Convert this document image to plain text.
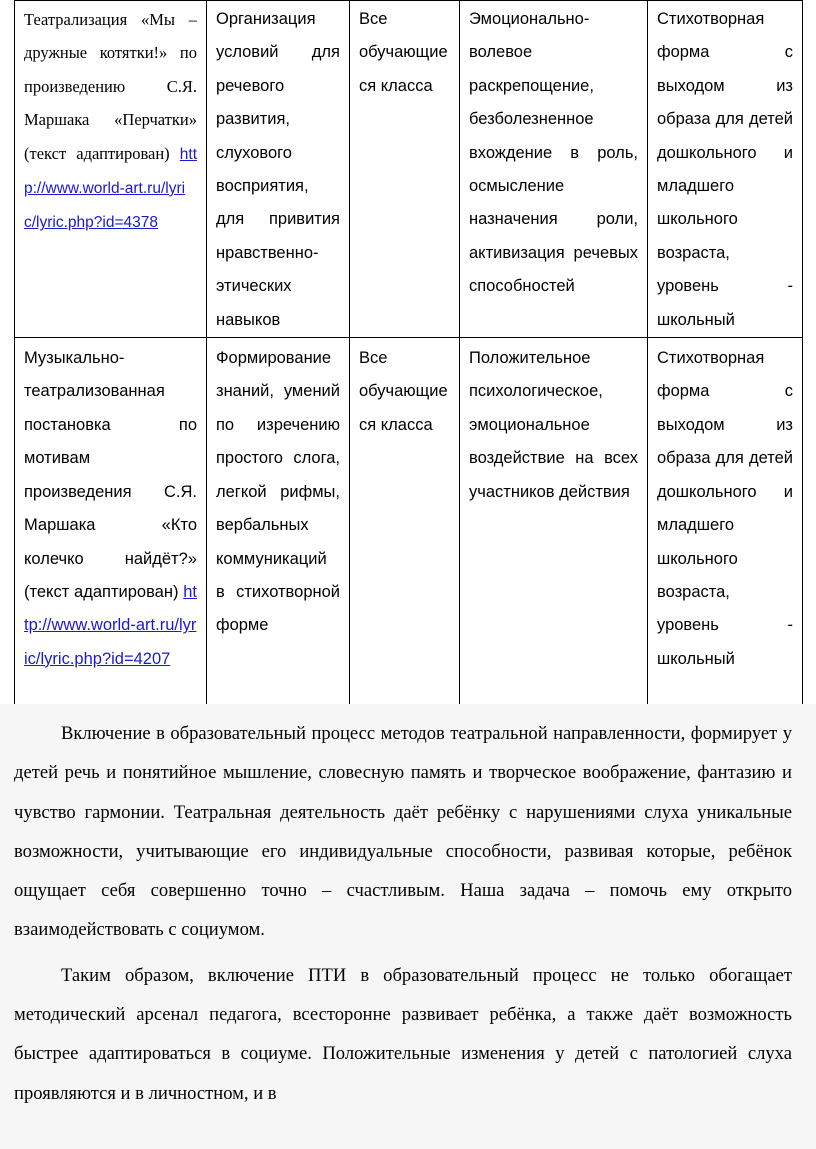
Театрализация «Мы – дружные котятки!» по произведению С.Я. Маршака «Перчатки» (текст адаптирован) http://www.world-art.ru/lyric/lyric.php?id=4378	Организация условий для речевого развития, слухового восприятия, для привития нравственно-этических навыков	Все обучающиеся класса	Эмоционально-волевое раскрепощение, безболезненное вхождение в роль, осмысление назначения роли, активизация речевых способностей	Стихотворная форма с выходом из образа для детей дошкольного и младшего школьного возраста, уровень - школьный
Музыкально-театрализованная постановка по мотивам произведения С.Я. Маршака «Кто колечко найдёт?» (текст адаптирован) http://www.world-art.ru/lyric/lyric.php?id=4207	Формирование знаний, умений по изречению простого слога, легкой рифмы, вербальных коммуникаций в стихотворной форме	Все обучающиеся класса	Положительное психологическое, эмоциональное воздействие на всех участников действия	Стихотворная форма с выходом из образа для детей дошкольного и младшего школьного возраста, уровень - школьный

Включение в образовательный процесс методов театральной направленности, формирует у детей речь и понятийное мышление, словесную память и творческое воображение, фантазию и чувство гармонии. Театральная деятельность даёт ребёнку с нарушениями слуха уникальные возможности, учитывающие его индивидуальные способности, развивая которые, ребёнок ощущает себя совершенно точно – счастливым. Наша задача – помочь ему открыто взаимодействовать с социумом.

Таким образом, включение ПТИ в образовательный процесс не только обогащает методический арсенал педагога, всесторонне развивает ребёнка, а также даёт возможность быстрее адаптироваться в социуме. Положительные изменения у детей с патологией слуха проявляются и в личностном, и в
